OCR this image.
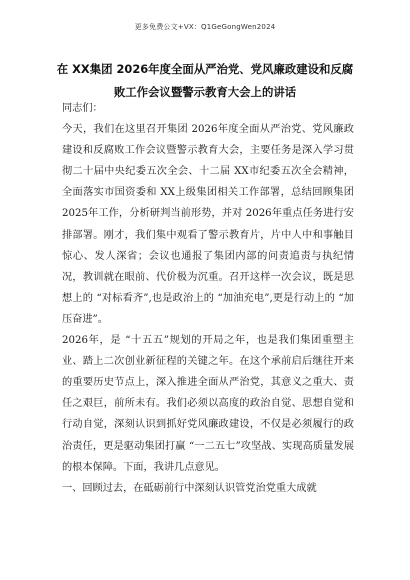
更多免费公文+VX：Q1GeGongWen2024
在 XX集团 2026年度全面从严治党、党风廉政建设和反腐败工作会议暨警示教育大会上的讲话

同志们：

今天，我们在这里召开集团 2026年度全面从严治党、党风廉政建设和反腐败工作会议暨警示教育大会，主要任务是深入学习贯彻二十届中央纪委五次全会、十二届 XX市纪委五次全会精神，全面落实市国资委和 XX上级集团相关工作部署，总结回顾集团 2025年工作，分析研判当前形势，并对 2026年重点任务进行安排部署。刚才，我们集中观看了警示教育片，片中人中和事触目惊心、发人深省；会议也通报了集团内部的问责追责与执纪情况，教训就在眼前、代价极为沉重。召开这样一次会议，既是思想上的 “对标看齐”,也是政治上的 “加油充电”,更是行动上的 “加压奋进”。

2026年，是 “十五五”规划的开局之年，也是我们集团重塑主业、踏上二次创业新征程的关键之年。在这个承前启后继往开来的重要历史节点上，深入推进全面从严治党，其意义之重大、责任之艰巨，前所未有。我们必须以高度的政治自觉、思想自觉和行动自觉，深刻认识到抓好党风廉政建设，不仅是必须履行的政治责任，更是驱动集团打赢 “一二五七”攻坚战、实现高质量发展的根本保障。下面，我讲几点意见。

一、回顾过去，在砥砺前行中深刻认识管党治党重大成就
